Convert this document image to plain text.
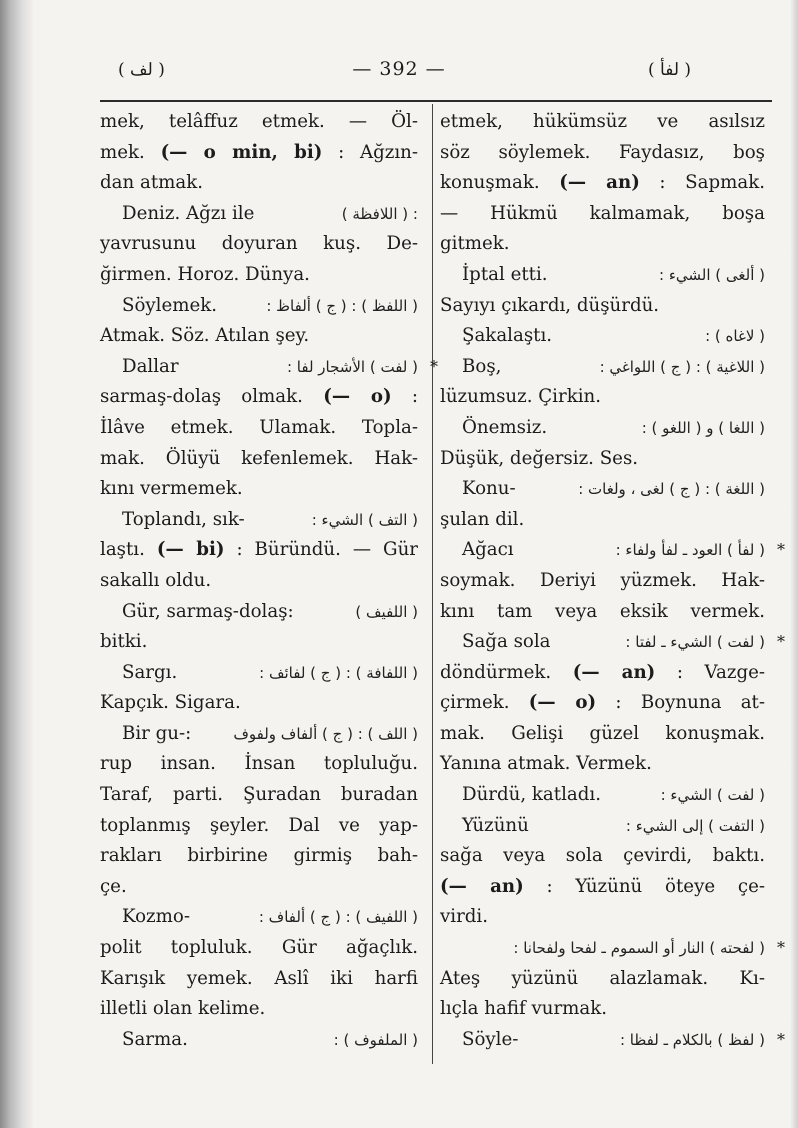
( لف )	— 392 —	( لفأ )
mek, telâffuz etmek. — Öl-
mek. (— o min, bi) : Ağzın-
dan atmak.
Deniz. Ağzı ile	: ( اللافظة )
yavrusunu doyuran kuş. De-
ğirmen. Horoz. Dünya.
Söylemek.	( اللفظ ) : ( ج ) ألفاظ :
Atmak. Söz. Atılan şey.
Dallar	( لفت ) الأشجار لفا : *
sarmaş-dolaş olmak. (— o) :
İlâve etmek. Ulamak. Topla-
mak. Ölüyü kefenlemek. Hak-
kını vermemek.
Toplandı, sık-	( التف ) الشيء :
laştı. (— bi) : Büründü. — Gür
sakallı oldu.
Gür, sarmaş-dolaş:	( اللفيف )
bitki.
Sargı.	( اللفافة ) : ( ج ) لفائف :
Kapçık. Sigara.
Bir gu-:	( اللف ) : ( ج ) ألفاف ولفوف
rup insan. İnsan topluluğu.
Taraf, parti. Şuradan buradan
toplanmış şeyler. Dal ve yap-
rakları birbirine girmiş bah-
çe.
Kozmo-	( اللفيف ) : ( ج ) ألفاف :
polit topluluk. Gür ağaçlık.
Karışık yemek. Aslî iki harfi
illetli olan kelime.
Sarma.	( الملفوف ) :
etmek, hükümsüz ve asılsız
söz söylemek. Faydasız, boş
konuşmak. (— an) : Sapmak.
— Hükmü kalmamak, boşa
gitmek.
İptal etti.	( ألغى ) الشيء :
Sayıyı çıkardı, düşürdü.
Şakalaştı.	( لاغاه ) :
Boş,	( اللاغية ) : ( ج ) اللواغي :
lüzumsuz. Çirkin.
Önemsiz.	( اللغا ) و ( اللغو ) :
Düşük, değersiz. Ses.
Konu-	( اللغة ) : ( ج ) لغى ، ولغات :
şulan dil.
Ağacı	( لفأ ) العود ـ لفأ ولفاء : *
soymak. Deriyi yüzmek. Hak-
kını tam veya eksik vermek.
Sağa sola	( لفت ) الشيء ـ لفتا : *
döndürmek. (— an) : Vazge-
çirmek. (— o) : Boynuna at-
mak. Gelişi güzel konuşmak.
Yanına atmak. Vermek.
Dürdü, katladı.	( لفت ) الشيء :
Yüzünü	( التفت ) إلى الشيء :
sağa veya sola çevirdi, baktı.
(— an) : Yüzünü öteye çe-
virdi.
( لفحته ) النار أو السموم ـ لفحا ولفحانا : *
Ateş yüzünü alazlamak. Kı-
lıçla hafif vurmak.
Söyle-	( لفظ ) بالكلام ـ لفظا : *
